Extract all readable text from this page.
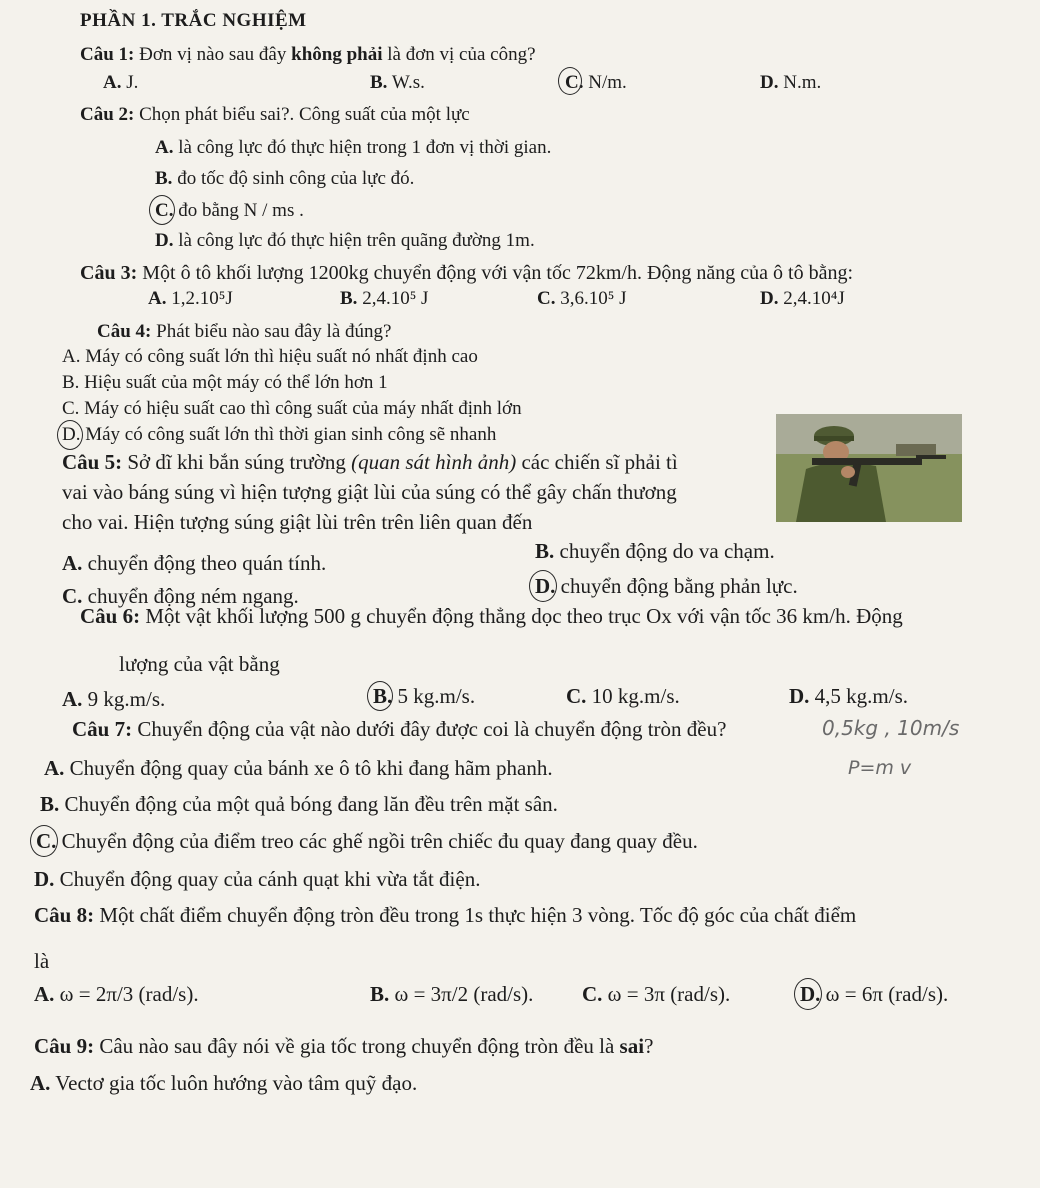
PHẦN 1. TRẮC NGHIỆM
Câu 1: Đơn vị nào sau đây không phải là đơn vị của công?
A. J.	B. W.s.	C. N/m.	D. N.m.
Câu 2: Chọn phát biểu sai?. Công suất của một lực
A. là công lực đó thực hiện trong 1 đơn vị thời gian.
B. đo tốc độ sinh công của lực đó.
C. đo bằng N / ms .
D. là công lực đó thực hiện trên quãng đường 1m.
Câu 3: Một ô tô khối lượng 1200kg chuyển động với vận tốc 72km/h. Động năng của ô tô bằng:
A. 1,2.10⁵J	B. 2,4.10⁵ J	C. 3,6.10⁵ J	D. 2,4.10⁴J
Câu 4: Phát biểu nào sau đây là đúng?
A. Máy có công suất lớn thì hiệu suất nó nhất định cao
B. Hiệu suất của một máy có thể lớn hơn 1
C. Máy có hiệu suất cao thì công suất của máy nhất định lớn
D. Máy có công suất lớn thì thời gian sinh công sẽ nhanh
Câu 5: Sở dĩ khi bắn súng trường (quan sát hình ảnh) các chiến sĩ phải tì
vai vào báng súng vì hiện tượng giật lùi của súng có thể gây chấn thương
cho vai. Hiện tượng súng giật lùi trên trên liên quan đến
A. chuyển động theo quán tính.	B. chuyển động do va chạm.
C. chuyển động ném ngang.	D. chuyển động bằng phản lực.
Câu 6: Một vật khối lượng 500 g chuyển động thẳng dọc theo trục Ox với vận tốc 36 km/h. Động
lượng của vật bằng
A. 9 kg.m/s.	B. 5 kg.m/s.	C. 10 kg.m/s.	D. 4,5 kg.m/s.
Câu 7: Chuyển động của vật nào dưới đây được coi là chuyển động tròn đều?	0,5kg , 10m/s
P=m v
A. Chuyển động quay của bánh xe ô tô khi đang hãm phanh.
B. Chuyển động của một quả bóng đang lăn đều trên mặt sân.
C. Chuyển động của điểm treo các ghế ngồi trên chiếc đu quay đang quay đều.
D. Chuyển động quay của cánh quạt khi vừa tắt điện.
Câu 8: Một chất điểm chuyển động tròn đều trong 1s thực hiện 3 vòng. Tốc độ góc của chất điểm
là
A. ω = 2π/3 (rad/s).	B. ω = 3π/2 (rad/s). C. ω = 3π (rad/s).	D. ω = 6π (rad/s).
Câu 9: Câu nào sau đây nói về gia tốc trong chuyển động tròn đều là sai?
A. Vectơ gia tốc luôn hướng vào tâm quỹ đạo.
